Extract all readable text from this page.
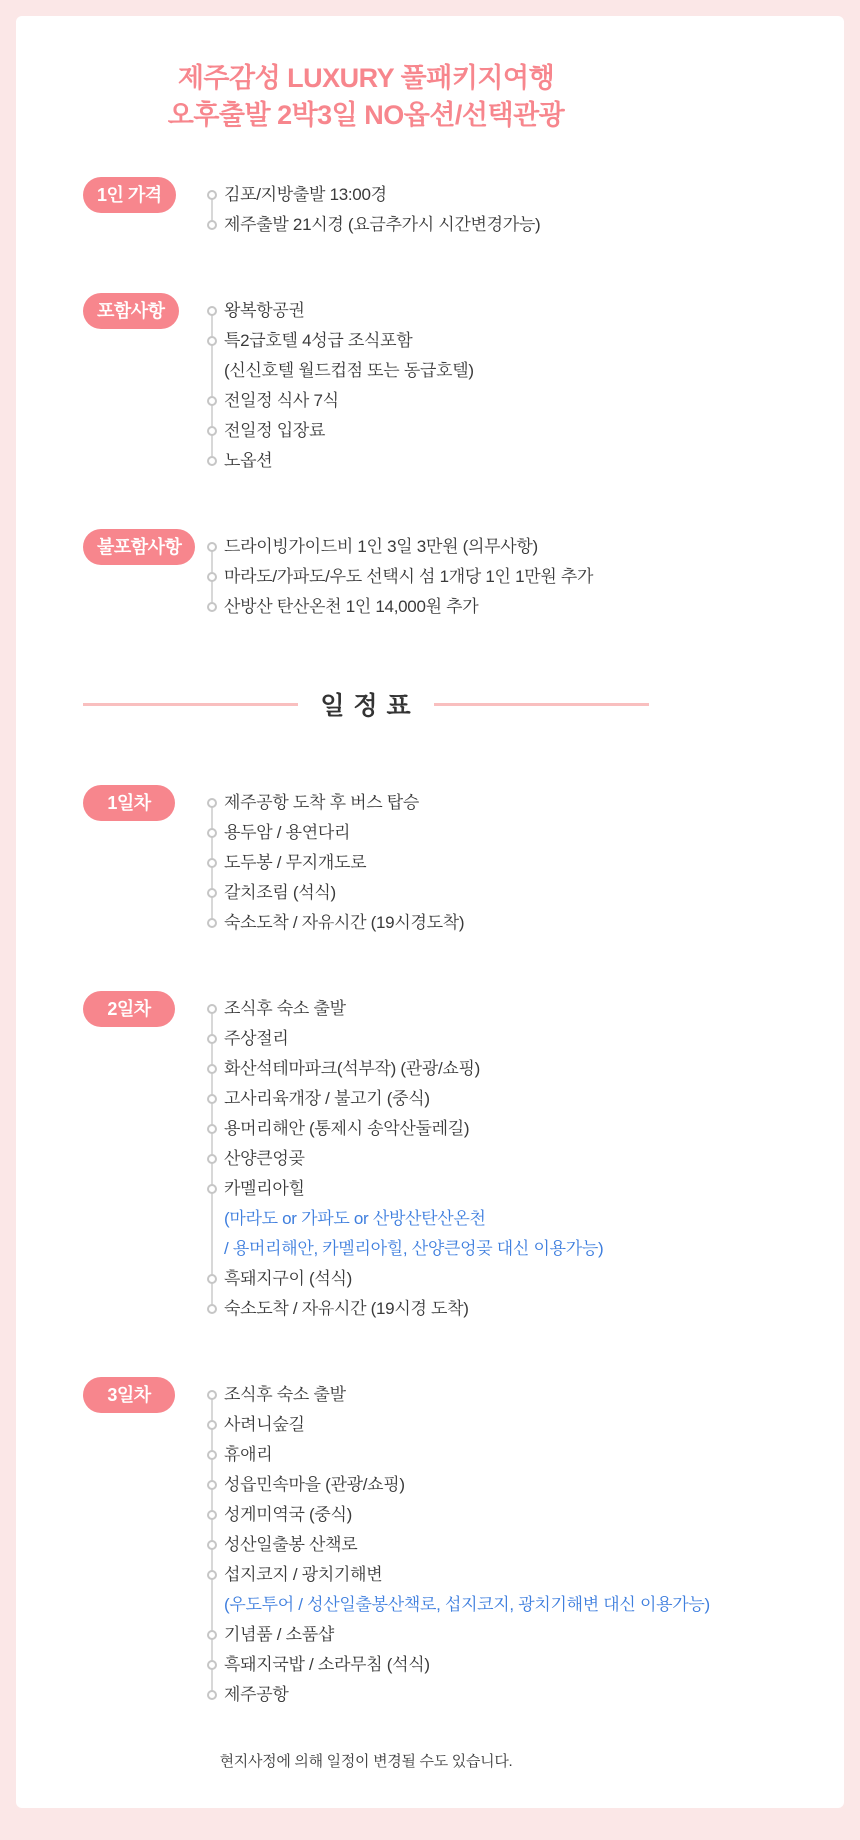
제주감성 LUXURY 풀패키지여행
오후출발 2박3일 NO옵션/선택관광
1인 가격	김포/지방출발 13:00경
제주출발 21시경 (요금추가시 시간변경가능)
포함사항	왕복항공권
특2급호텔 4성급 조식포함
(신신호텔 월드컵점 또는 동급호텔)
전일정 식사 7식
전일정 입장료
노옵션
불포함사항	드라이빙가이드비 1인 3일 3만원 (의무사항)
마라도/가파도/우도 선택시 섬 1개당 1인 1만원 추가
산방산 탄산온천 1인 14,000원 추가
일 정 표
1일차	제주공항 도착 후 버스 탑승
용두암 / 용연다리
도두봉 / 무지개도로
갈치조림 (석식)
숙소도착 / 자유시간 (19시경도착)
2일차	조식후 숙소 출발
주상절리
화산석테마파크(석부작) (관광/쇼핑)
고사리육개장 / 불고기 (중식)
용머리해안 (통제시 송악산둘레길)
산양큰엉곶
카멜리아힐
(마라도 or 가파도 or 산방산탄산온천
/ 용머리해안, 카멜리아힐, 산양큰엉곶 대신 이용가능)
흑돼지구이 (석식)
숙소도착 / 자유시간 (19시경 도착)
3일차	조식후 숙소 출발
사려니숲길
휴애리
성읍민속마을 (관광/쇼핑)
성게미역국 (중식)
성산일출봉 산책로
섭지코지 / 광치기해변
(우도투어 / 성산일출봉산책로, 섭지코지, 광치기해변 대신 이용가능)
기념품 / 소품샵
흑돼지국밥 / 소라무침 (석식)
제주공항

현지사정에 의해 일정이 변경될 수도 있습니다.
